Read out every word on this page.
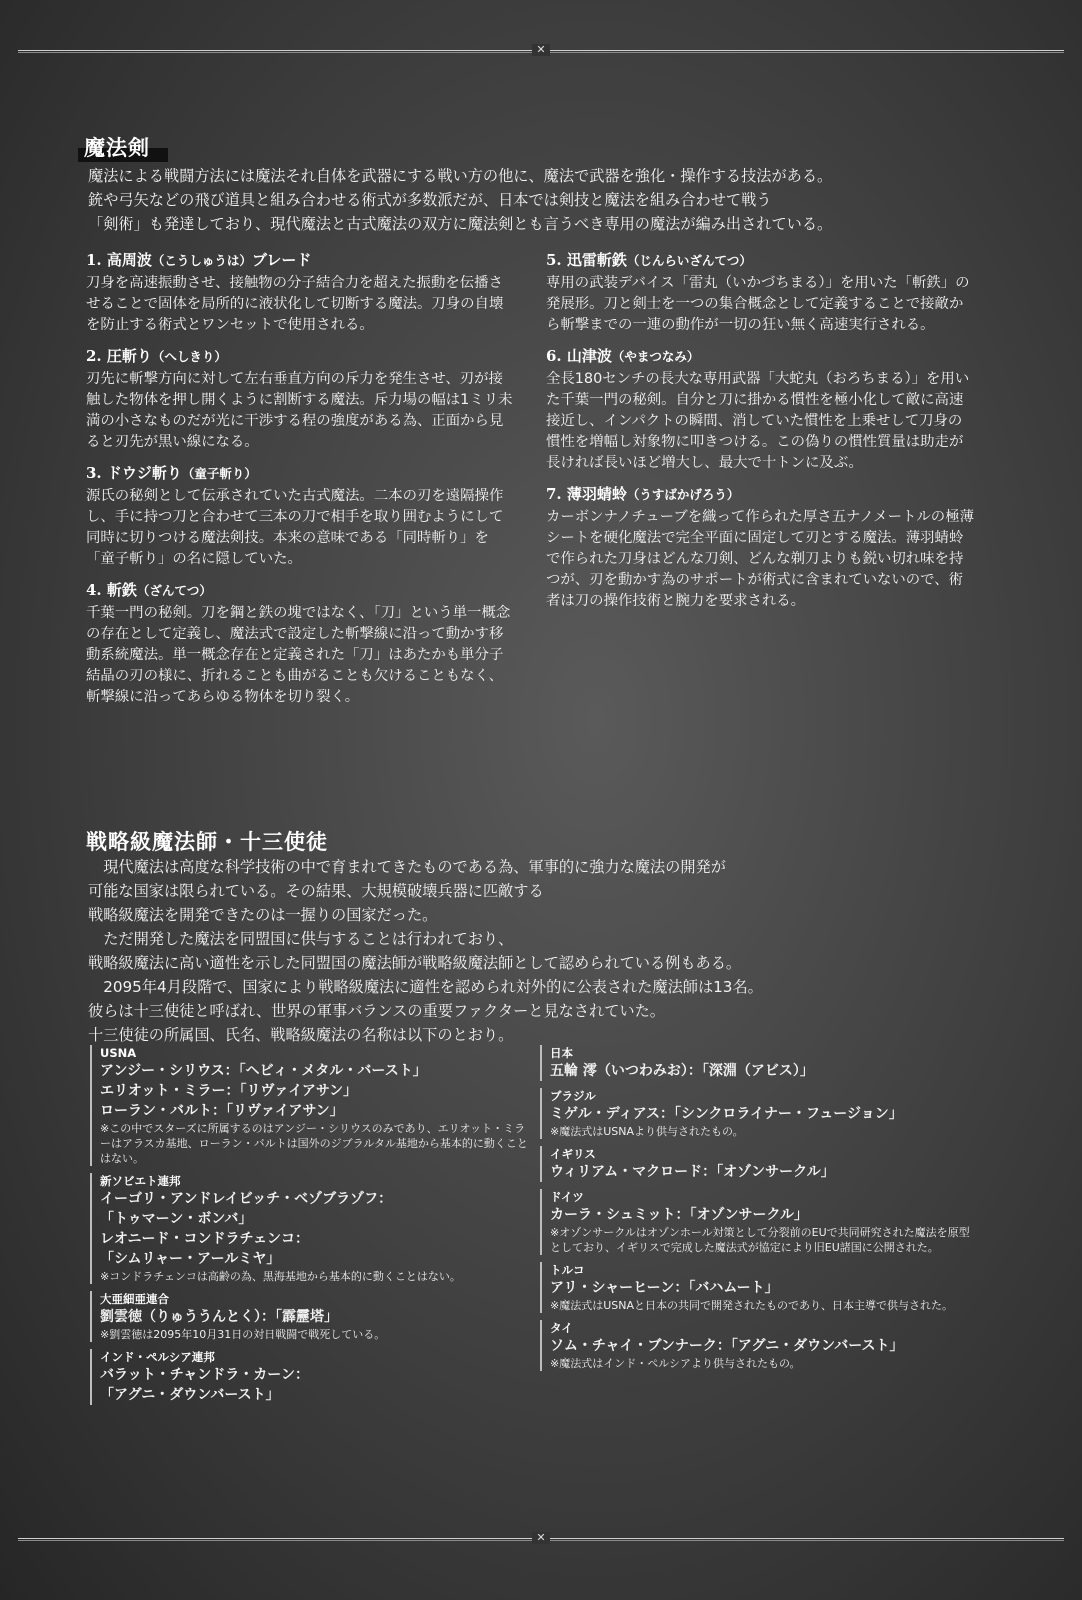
✕
魔法剣

魔法による戦闘方法には魔法それ自体を武器にする戦い方の他に、魔法で武器を強化・操作する技法がある。

銃や弓矢などの飛び道具と組み合わせる術式が多数派だが、日本では剣技と魔法を組み合わせて戦う

「剣術」も発達しており、現代魔法と古式魔法の双方に魔法剣とも言うべき専用の魔法が編み出されている。

1. 高周波（こうしゅうは）ブレード

刀身を高速振動させ、接触物の分子結合力を超えた振動を伝播させることで固体を局所的に液状化して切断する魔法。刀身の自壊を防止する術式とワンセットで使用される。

2. 圧斬り（へしきり）

刃先に斬撃方向に対して左右垂直方向の斥力を発生させ、刃が接触した物体を押し開くように割断する魔法。斥力場の幅は1ミリ未満の小さなものだが光に干渉する程の強度がある為、正面から見ると刃先が黒い線になる。

3. ドウジ斬り（童子斬り）

源氏の秘剣として伝承されていた古式魔法。二本の刃を遠隔操作し、手に持つ刀と合わせて三本の刀で相手を取り囲むようにして同時に切りつける魔法剣技。本来の意味である「同時斬り」を「童子斬り」の名に隠していた。

4. 斬鉄（ざんてつ）

千葉一門の秘剣。刀を鋼と鉄の塊ではなく、「刀」という単一概念の存在として定義し、魔法式で設定した斬撃線に沿って動かす移動系統魔法。単一概念存在と定義された「刀」はあたかも単分子結晶の刃の様に、折れることも曲がることも欠けることもなく、斬撃線に沿ってあらゆる物体を切り裂く。

5. 迅雷斬鉄（じんらいざんてつ）

専用の武装デバイス「雷丸（いかづちまる）」を用いた「斬鉄」の発展形。刀と剣士を一つの集合概念として定義することで接敵から斬撃までの一連の動作が一切の狂い無く高速実行される。

6. 山津波（やまつなみ）

全長180センチの長大な専用武器「大蛇丸（おろちまる）」を用いた千葉一門の秘剣。自分と刀に掛かる慣性を極小化して敵に高速接近し、インパクトの瞬間、消していた慣性を上乗せして刀身の慣性を増幅し対象物に叩きつける。この偽りの慣性質量は助走が長ければ長いほど増大し、最大で十トンに及ぶ。

7. 薄羽蜻蛉（うすばかげろう）

カーボンナノチューブを織って作られた厚さ五ナノメートルの極薄シートを硬化魔法で完全平面に固定して刃とする魔法。薄羽蜻蛉で作られた刀身はどんな刀剣、どんな剃刀よりも鋭い切れ味を持つが、刃を動かす為のサポートが術式に含まれていないので、術者は刀の操作技術と腕力を要求される。

戦略級魔法師・十三使徒

現代魔法は高度な科学技術の中で育まれてきたものである為、軍事的に強力な魔法の開発が

可能な国家は限られている。その結果、大規模破壊兵器に匹敵する

戦略級魔法を開発できたのは一握りの国家だった。

ただ開発した魔法を同盟国に供与することは行われており、

戦略級魔法に高い適性を示した同盟国の魔法師が戦略級魔法師として認められている例もある。

2095年4月段階で、国家により戦略級魔法に適性を認められ対外的に公表された魔法師は13名。

彼らは十三使徒と呼ばれ、世界の軍事バランスの重要ファクターと見なされていた。

十三使徒の所属国、氏名、戦略級魔法の名称は以下のとおり。

USNA

アンジー・シリウス：「ヘビィ・メタル・バースト」

エリオット・ミラー：「リヴァイアサン」

ローラン・バルト：「リヴァイアサン」

※この中でスターズに所属するのはアンジー・シリウスのみであり、エリオット・ミラーはアラスカ基地、ローラン・バルトは国外のジブラルタル基地から基本的に動くことはない。

新ソビエト連邦

イーゴリ・アンドレイビッチ・ベゾブラゾフ：

「トゥマーン・ボンバ」

レオニード・コンドラチェンコ：

「シムリャー・アールミヤ」

※コンドラチェンコは高齢の為、黒海基地から基本的に動くことはない。

大亜細亜連合

劉雲徳（りゅううんとく）：「霹靂塔」

※劉雲徳は2095年10月31日の対日戦闘で戦死している。

インド・ペルシア連邦

バラット・チャンドラ・カーン：

「アグニ・ダウンバースト」

日本

五輪 澪（いつわみお）：「深淵（アビス）」

ブラジル

ミゲル・ディアス：「シンクロライナー・フュージョン」

※魔法式はUSNAより供与されたもの。

イギリス

ウィリアム・マクロード：「オゾンサークル」

ドイツ

カーラ・シュミット：「オゾンサークル」

※オゾンサークルはオゾンホール対策として分裂前のEUで共同研究された魔法を原型としており、イギリスで完成した魔法式が協定により旧EU諸国に公開された。

トルコ

アリ・シャーヒーン：「バハムート」

※魔法式はUSNAと日本の共同で開発されたものであり、日本主導で供与された。

タイ

ソム・チャイ・ブンナーク：「アグニ・ダウンバースト」

※魔法式はインド・ペルシアより供与されたもの。

✕
